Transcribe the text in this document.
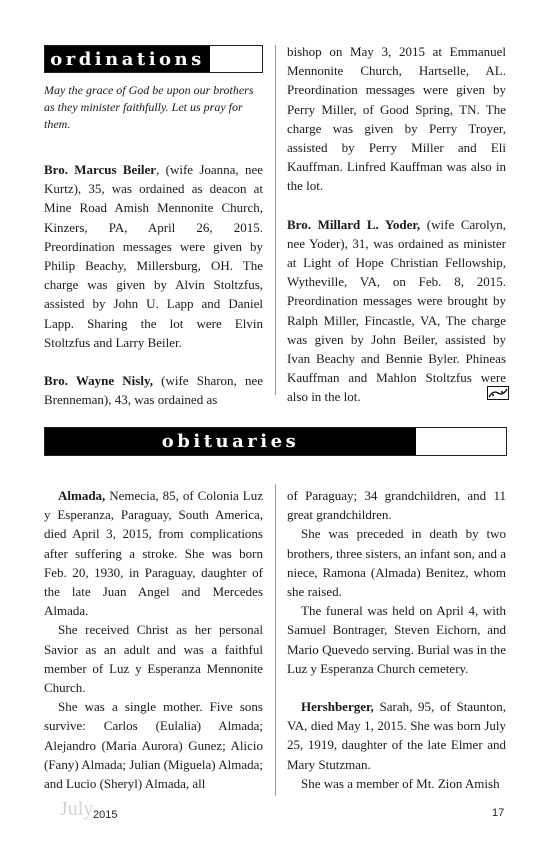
ordinations

May the grace of God be upon our brothers as they minister faithfully. Let us pray for them.

Bro. Marcus Beiler, (wife Joanna, nee Kurtz), 35, was ordained as deacon at Mine Road Amish Mennonite Church, Kinzers, PA, April 26, 2015. Preordination messages were given by Philip Beachy, Millersburg, OH. The charge was given by Alvin Stoltzfus, assisted by John U. Lapp and Daniel Lapp. Sharing the lot were Elvin Stoltzfus and Larry Beiler.

Bro. Wayne Nisly, (wife Sharon, nee Brenneman), 43, was ordained as

bishop on May 3, 2015 at Emmanuel Mennonite Church, Hartselle, AL. Preordination messages were given by Perry Miller, of Good Spring, TN. The charge was given by Perry Troyer, assisted by Perry Miller and Eli Kauffman. Linfred Kauffman was also in the lot.

Bro. Millard L. Yoder, (wife Carolyn, nee Yoder), 31, was ordained as minister at Light of Hope Christian Fellowship, Wytheville, VA, on Feb. 8, 2015. Preordination messages were brought by Ralph Miller, Fincastle, VA, The charge was given by John Beiler, assisted by Ivan Beachy and Bennie Byler. Phineas Kauffman and Mahlon Stoltzfus were also in the lot.

obituaries

Almada, Nemecia, 85, of Colonia Luz y Esperanza, Paraguay, South America, died April 3, 2015, from complications after suffering a stroke. She was born Feb. 20, 1930, in Paraguay, daughter of the late Juan Angel and Mercedes Almada.

She received Christ as her personal Savior as an adult and was a faithful member of Luz y Esperanza Mennonite Church.

She was a single mother. Five sons survive: Carlos (Eulalia) Almada; Alejandro (Maria Aurora) Gunez; Alicio (Fany) Almada; Julian (Miguela) Almada; and Lucio (Sheryl) Almada, all

of Paraguay; 34 grandchildren, and 11 great grandchildren.

She was preceded in death by two brothers, three sisters, an infant son, and a niece, Ramona (Almada) Benitez, whom she raised.

The funeral was held on April 4, with Samuel Bontrager, Steven Eichorn, and Mario Quevedo serving. Burial was in the Luz y Esperanza Church cemetery.

Hershberger, Sarah, 95, of Staunton, VA, died May 1, 2015. She was born July 25, 1919, daughter of the late Elmer and Mary Stutzman.

She was a member of Mt. Zion Amish

July 2015	17
